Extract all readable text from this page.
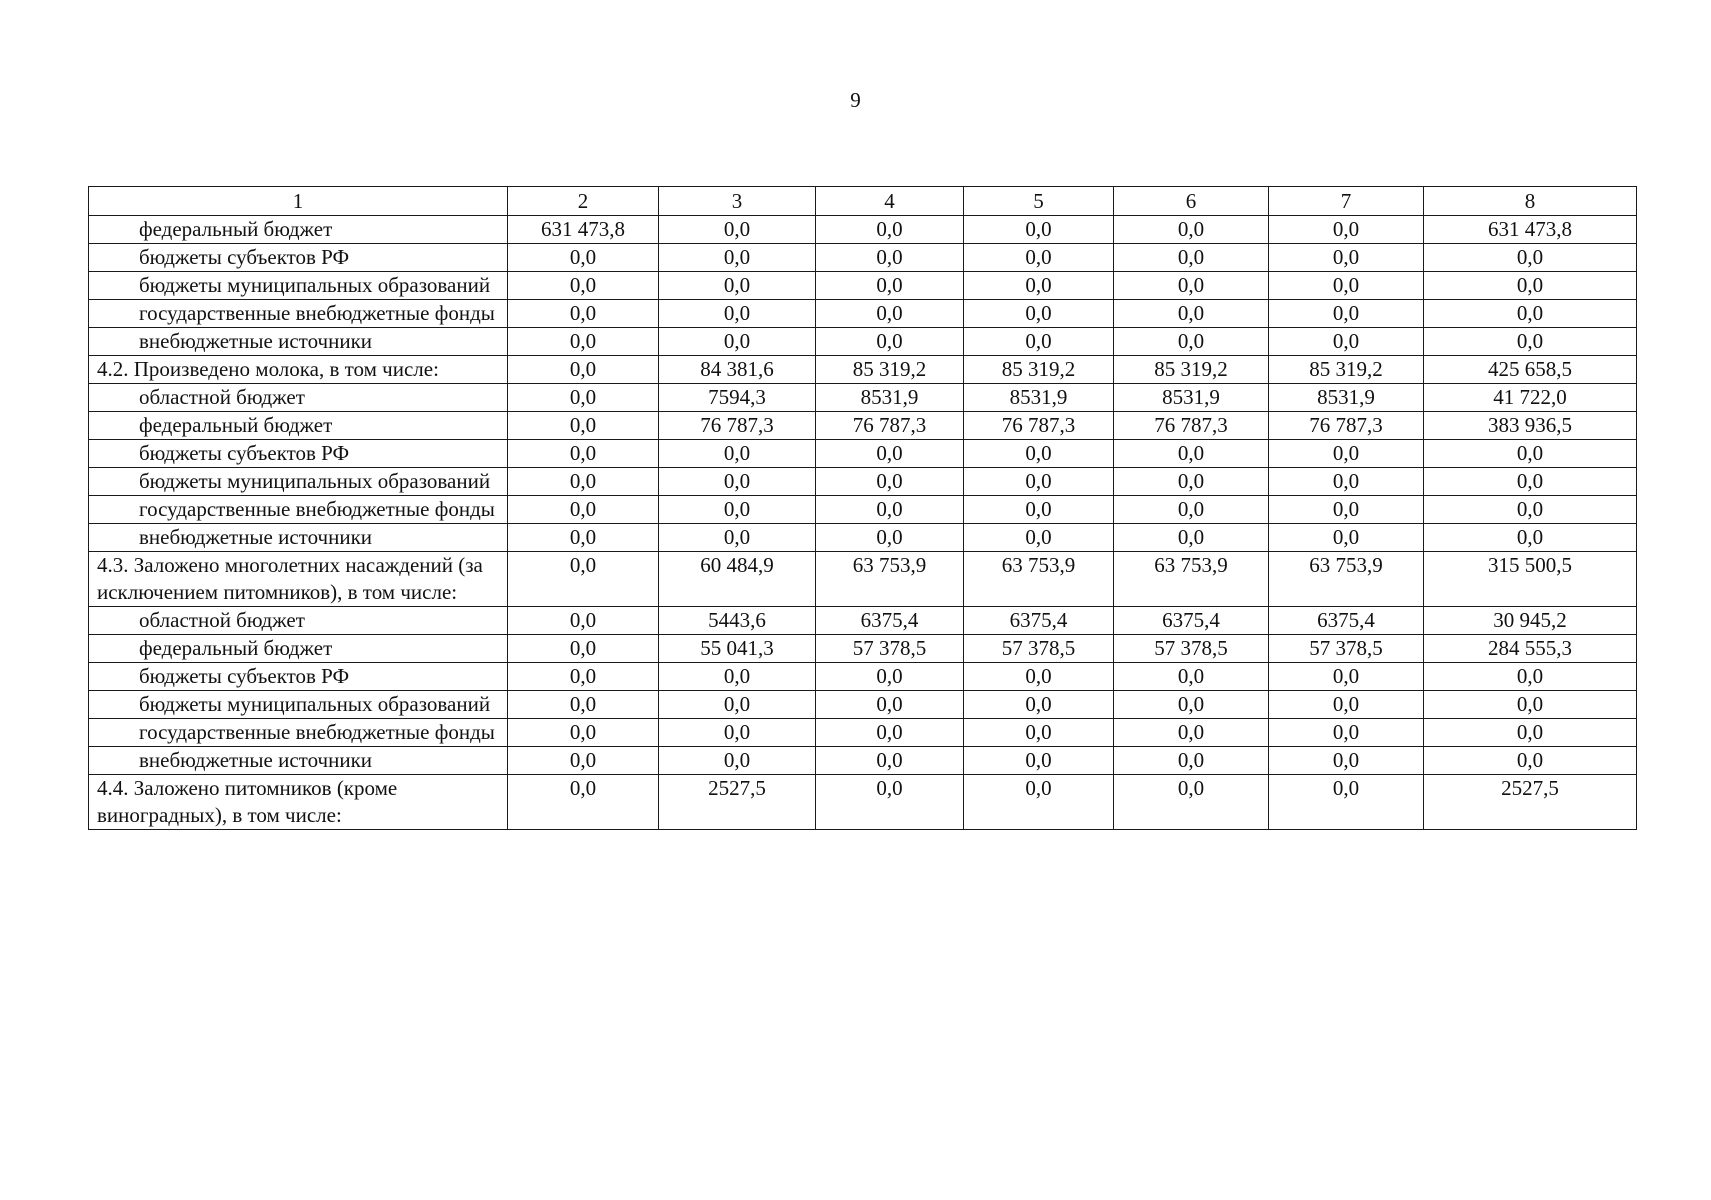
9
1	2	3	4	5	6	7	8
федеральный бюджет	631 473,8	0,0	0,0	0,0	0,0	0,0	631 473,8
бюджеты субъектов РФ	0,0	0,0	0,0	0,0	0,0	0,0	0,0
бюджеты муниципальных образований	0,0	0,0	0,0	0,0	0,0	0,0	0,0
государственные внебюджетные фонды	0,0	0,0	0,0	0,0	0,0	0,0	0,0
внебюджетные источники	0,0	0,0	0,0	0,0	0,0	0,0	0,0
4.2. Произведено молока, в том числе:	0,0	84 381,6	85 319,2	85 319,2	85 319,2	85 319,2	425 658,5
областной бюджет	0,0	7594,3	8531,9	8531,9	8531,9	8531,9	41 722,0
федеральный бюджет	0,0	76 787,3	76 787,3	76 787,3	76 787,3	76 787,3	383 936,5
бюджеты субъектов РФ	0,0	0,0	0,0	0,0	0,0	0,0	0,0
бюджеты муниципальных образований	0,0	0,0	0,0	0,0	0,0	0,0	0,0
государственные внебюджетные фонды	0,0	0,0	0,0	0,0	0,0	0,0	0,0
внебюджетные источники	0,0	0,0	0,0	0,0	0,0	0,0	0,0
4.3. Заложено многолетних насаждений (за исключением питомников), в том числе:	0,0	60 484,9	63 753,9	63 753,9	63 753,9	63 753,9	315 500,5
областной бюджет	0,0	5443,6	6375,4	6375,4	6375,4	6375,4	30 945,2
федеральный бюджет	0,0	55 041,3	57 378,5	57 378,5	57 378,5	57 378,5	284 555,3
бюджеты субъектов РФ	0,0	0,0	0,0	0,0	0,0	0,0	0,0
бюджеты муниципальных образований	0,0	0,0	0,0	0,0	0,0	0,0	0,0
государственные внебюджетные фонды	0,0	0,0	0,0	0,0	0,0	0,0	0,0
внебюджетные источники	0,0	0,0	0,0	0,0	0,0	0,0	0,0
4.4. Заложено питомников (кроме виноградных), в том числе:	0,0	2527,5	0,0	0,0	0,0	0,0	2527,5
